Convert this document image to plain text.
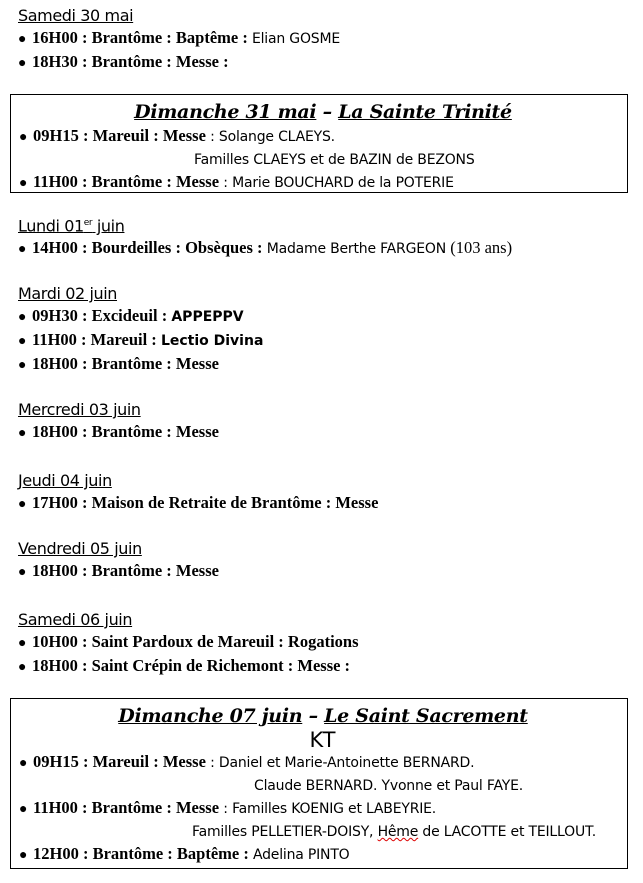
Samedi 30 mai
● 16H00 : Brantôme : Baptême : Elian GOSME
● 18H30 : Brantôme : Messe :
Dimanche 31 mai – La Sainte Trinité
● 09H15 : Mareuil : Messe : Solange CLAEYS.
Familles CLAEYS et de BAZIN de BEZONS
● 11H00 : Brantôme : Messe : Marie BOUCHARD de la POTERIE
Lundi 01er juin
● 14H00 : Bourdeilles : Obsèques : Madame Berthe FARGEON (103 ans)
Mardi 02 juin
● 09H30 : Excideuil : APPEPPV
● 11H00 : Mareuil : Lectio Divina
● 18H00 : Brantôme : Messe
Mercredi 03 juin
● 18H00 : Brantôme : Messe
Jeudi 04 juin
● 17H00 : Maison de Retraite de Brantôme : Messe
Vendredi 05 juin
● 18H00 : Brantôme : Messe
Samedi 06 juin
● 10H00 : Saint Pardoux de Mareuil : Rogations
● 18H00 : Saint Crépin de Richemont : Messe :
Dimanche 07 juin – Le Saint Sacrement
KT
● 09H15 : Mareuil : Messe : Daniel et Marie-Antoinette BERNARD.
Claude BERNARD. Yvonne et Paul FAYE.
● 11H00 : Brantôme : Messe : Familles KOENIG et LABEYRIE.
Familles PELLETIER-DOISY, Hême de LACOTTE et TEILLOUT.
● 12H00 : Brantôme : Baptême : Adelina PINTO
